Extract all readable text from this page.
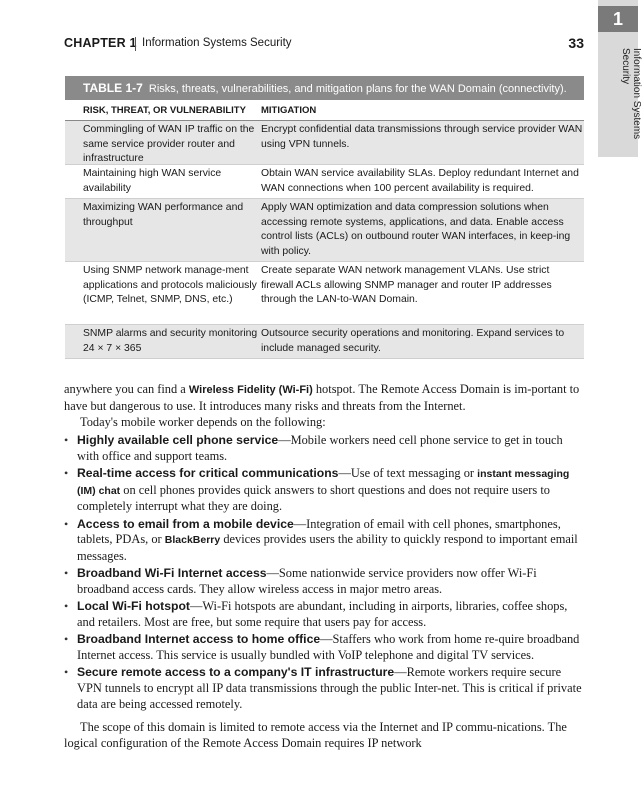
CHAPTER 1 Information Systems Security	33
1
Information Systems Security
TABLE 1-7 Risks, threats, vulnerabilities, and mitigation plans for the WAN Domain (connectivity).
RISK, THREAT, OR VULNERABILITY	MITIGATION
Commingling of WAN IP traffic on the same service provider router and infrastructure
Encrypt confidential data transmissions through service provider WAN using VPN tunnels.
Maintaining high WAN service availability
Obtain WAN service availability SLAs. Deploy redundant Internet and WAN connections when 100 percent availability is required.
Maximizing WAN performance and throughput
Apply WAN optimization and data compression solutions when accessing remote systems, applications, and data. Enable access control lists (ACLs) on outbound router WAN interfaces, in keep-ing with policy.
Using SNMP network manage-ment applications and protocols maliciously (ICMP, Telnet, SNMP, DNS, etc.)
Create separate WAN network management VLANs. Use strict firewall ACLs allowing SNMP manager and router IP addresses through the LAN-to-WAN Domain.
SNMP alarms and security monitoring 24 × 7 × 365
Outsource security operations and monitoring. Expand services to include managed security.
anywhere you can find a Wireless Fidelity (Wi-Fi) hotspot. The Remote Access Domain is im-portant to have but dangerous to use. It introduces many risks and threats from the Internet.
Today's mobile worker depends on the following:
• Highly available cell phone service—Mobile workers need cell phone service to get in touch with office and support teams.
• Real-time access for critical communications—Use of text messaging or instant messaging (IM) chat on cell phones provides quick answers to short questions and does not require users to completely interrupt what they are doing.
• Access to email from a mobile device—Integration of email with cell phones, smartphones, tablets, PDAs, or BlackBerry devices provides users the ability to quickly respond to important email messages.
• Broadband Wi-Fi Internet access—Some nationwide service providers now offer Wi-Fi broadband access cards. They allow wireless access in major metro areas.
• Local Wi-Fi hotspot—Wi-Fi hotspots are abundant, including in airports, libraries, coffee shops, and retailers. Most are free, but some require that users pay for access.
• Broadband Internet access to home office—Staffers who work from home re-quire broadband Internet access. This service is usually bundled with VoIP telephone and digital TV services.
• Secure remote access to a company's IT infrastructure—Remote workers require secure VPN tunnels to encrypt all IP data transmissions through the public Inter-net. This is critical if private data are being accessed remotely.
The scope of this domain is limited to remote access via the Internet and IP commu-nications. The logical configuration of the Remote Access Domain requires IP network
